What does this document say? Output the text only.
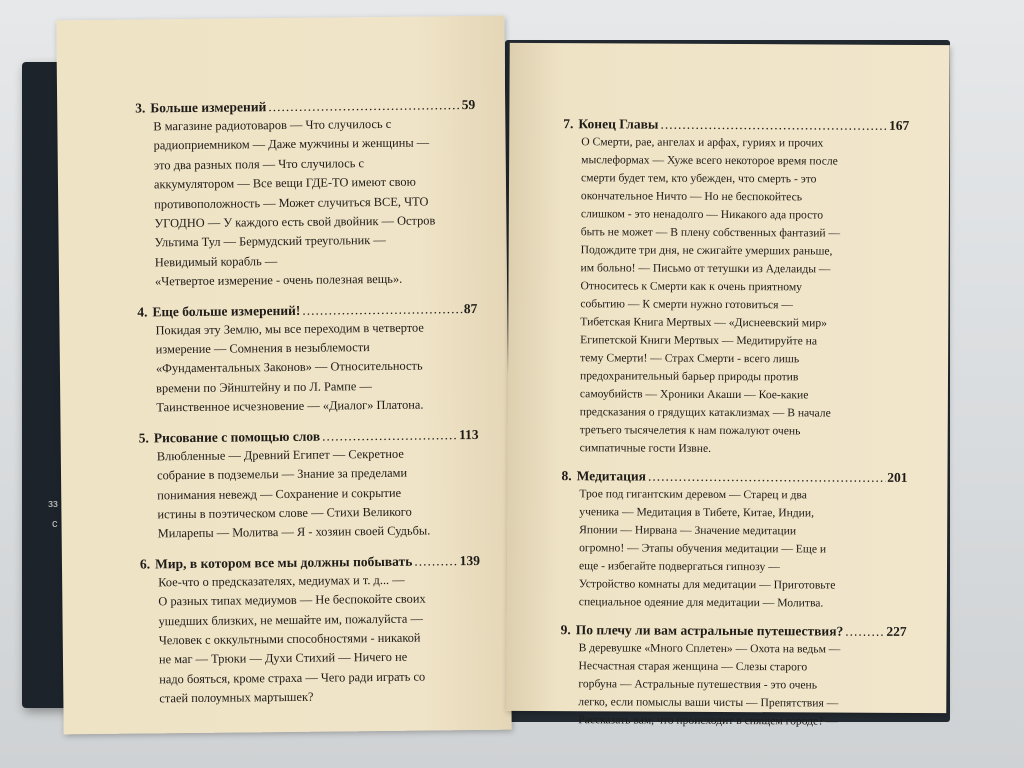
зз
с
3. Больше измерений .....	59
В магазине радиотоваров — Что случилось с
радиоприемником — Даже мужчины и женщины —
это два разных поля — Что случилось с
аккумулятором — Все вещи ГДЕ-ТО имеют свою
противоположность — Может случиться ВСЕ, ЧТО
УГОДНО — У каждого есть свой двойник — Остров
Ультима Тул — Бермудский треугольник —
Невидимый корабль —
«Четвертое измерение - очень полезная вещь».
4. Еще больше измерений! .....	87
Покидая эту Землю, мы все переходим в четвертое
измерение — Сомнения в незыблемости
«Фундаментальных Законов» — Относительность
времени по Эйнштейну и по Л. Рампе —
Таинственное исчезновение — «Диалог» Платона.
5. Рисование с помощью слов .....	113
Влюбленные — Древний Египет — Секретное
собрание в подземельи — Знание за пределами
понимания невежд — Сохранение и сокрытие
истины в поэтическом слове — Стихи Великого
Миларепы — Молитва — Я - хозяин своей Судьбы.
6. Мир, в котором все мы должны побывать .....	139
Кое-что о предсказателях, медиумах и т. д... —
О разных типах медиумов — Не беспокойте своих
ушедших близких, не мешайте им, пожалуйста —
Человек с оккультными способностями - никакой
не маг — Трюки — Духи Стихий — Ничего не
надо бояться, кроме страха — Чего ради играть со
стаей полоумных мартышек?
7. Конец Главы .....	167
О Смерти, рае, ангелах и арфах, гуриях и прочих
мыслеформах — Хуже всего некоторое время после
смерти будет тем, кто убежден, что смерть - это
окончательное Ничто — Но не беспокойтесь
слишком - это ненадолго — Никакого ада просто
быть не может — В плену собственных фантазий —
Подождите три дня, не сжигайте умерших раньше,
им больно! — Письмо от тетушки из Аделаиды —
Относитесь к Смерти как к очень приятному
событию — К смерти нужно готовиться —
Тибетская Книга Мертвых — «Диснеевский мир»
Египетской Книги Мертвых — Медитируйте на
тему Смерти! — Страх Смерти - всего лишь
предохранительный барьер природы против
самоубийств — Хроники Акаши — Кое-какие
предсказания о грядущих катаклизмах — В начале
третьего тысячелетия к нам пожалуют очень
симпатичные гости Извне.
8. Медитация .....	201
Трое под гигантским деревом — Старец и два
ученика — Медитация в Тибете, Китае, Индии,
Японии — Нирвана — Значение медитации
огромно! — Этапы обучения медитации — Еще и
еще - избегайте подвергаться гипнозу —
Устройство комнаты для медитации — Приготовьте
специальное одеяние для медитации — Молитва.
9. По плечу ли вам астральные путешествия? .....	227
В деревушке «Много Сплетен» — Охота на ведьм —
Несчастная старая женщина — Слезы старого
горбуна — Астральные путешествия - это очень
легко, если помыслы ваши чисты — Препятствия —
Рассказать вам, что происходит в спящем городе? —
